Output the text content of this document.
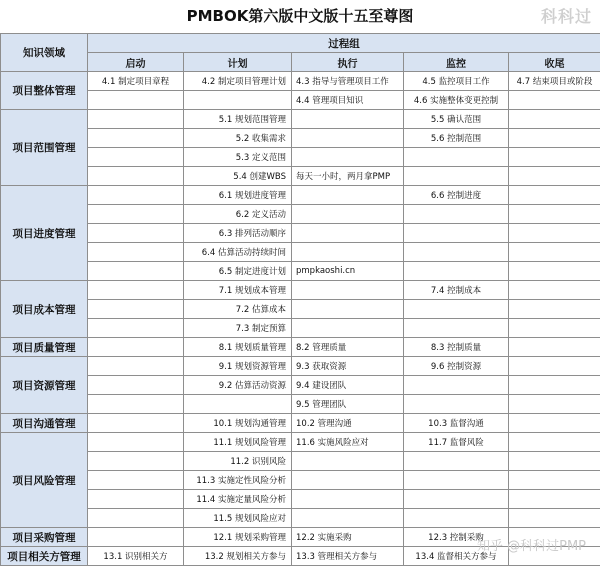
PMBOK第六版中文版十五至尊图	科科过
知识领域	过程组				
	启动	计划	执行	监控	收尾
项目整体管理	4.1 制定项目章程	4.2 制定项目管理计划	4.3 指导与管理项目工作	4.5 监控项目工作	4.7 结束项目或阶段
			4.4 管理项目知识	4.6 实施整体变更控制	
项目范围管理		5.1 规划范围管理		5.5 确认范围	
		5.2 收集需求		5.6 控制范围	
		5.3 定义范围			
		5.4 创建WBS	每天一小时，两月拿PMP		
项目进度管理		6.1 规划进度管理		6.6 控制进度	
		6.2 定义活动			
		6.3 排列活动顺序			
		6.4 估算活动持续时间			
		6.5 制定进度计划	pmpkaoshi.cn		
项目成本管理		7.1 规划成本管理		7.4 控制成本	
		7.2 估算成本			
		7.3 制定预算			
项目质量管理		8.1 规划质量管理	8.2 管理质量	8.3 控制质量	
项目资源管理		9.1 规划资源管理	9.3 获取资源	9.6 控制资源	
		9.2 估算活动资源	9.4 建设团队		
			9.5 管理团队		
项目沟通管理		10.1 规划沟通管理	10.2 管理沟通	10.3 监督沟通	
项目风险管理		11.1 规划风险管理	11.6 实施风险应对	11.7 监督风险	
		11.2 识别风险			
		11.3 实施定性风险分析			
		11.4 实施定量风险分析			
		11.5 规划风险应对			
项目采购管理		12.1 规划采购管理	12.2 实施采购	12.3 控制采购	
项目相关方管理	13.1 识别相关方	13.2 规划相关方参与	13.3 管理相关方参与	13.4 监督相关方参与	
知乎 @科科过PMP
